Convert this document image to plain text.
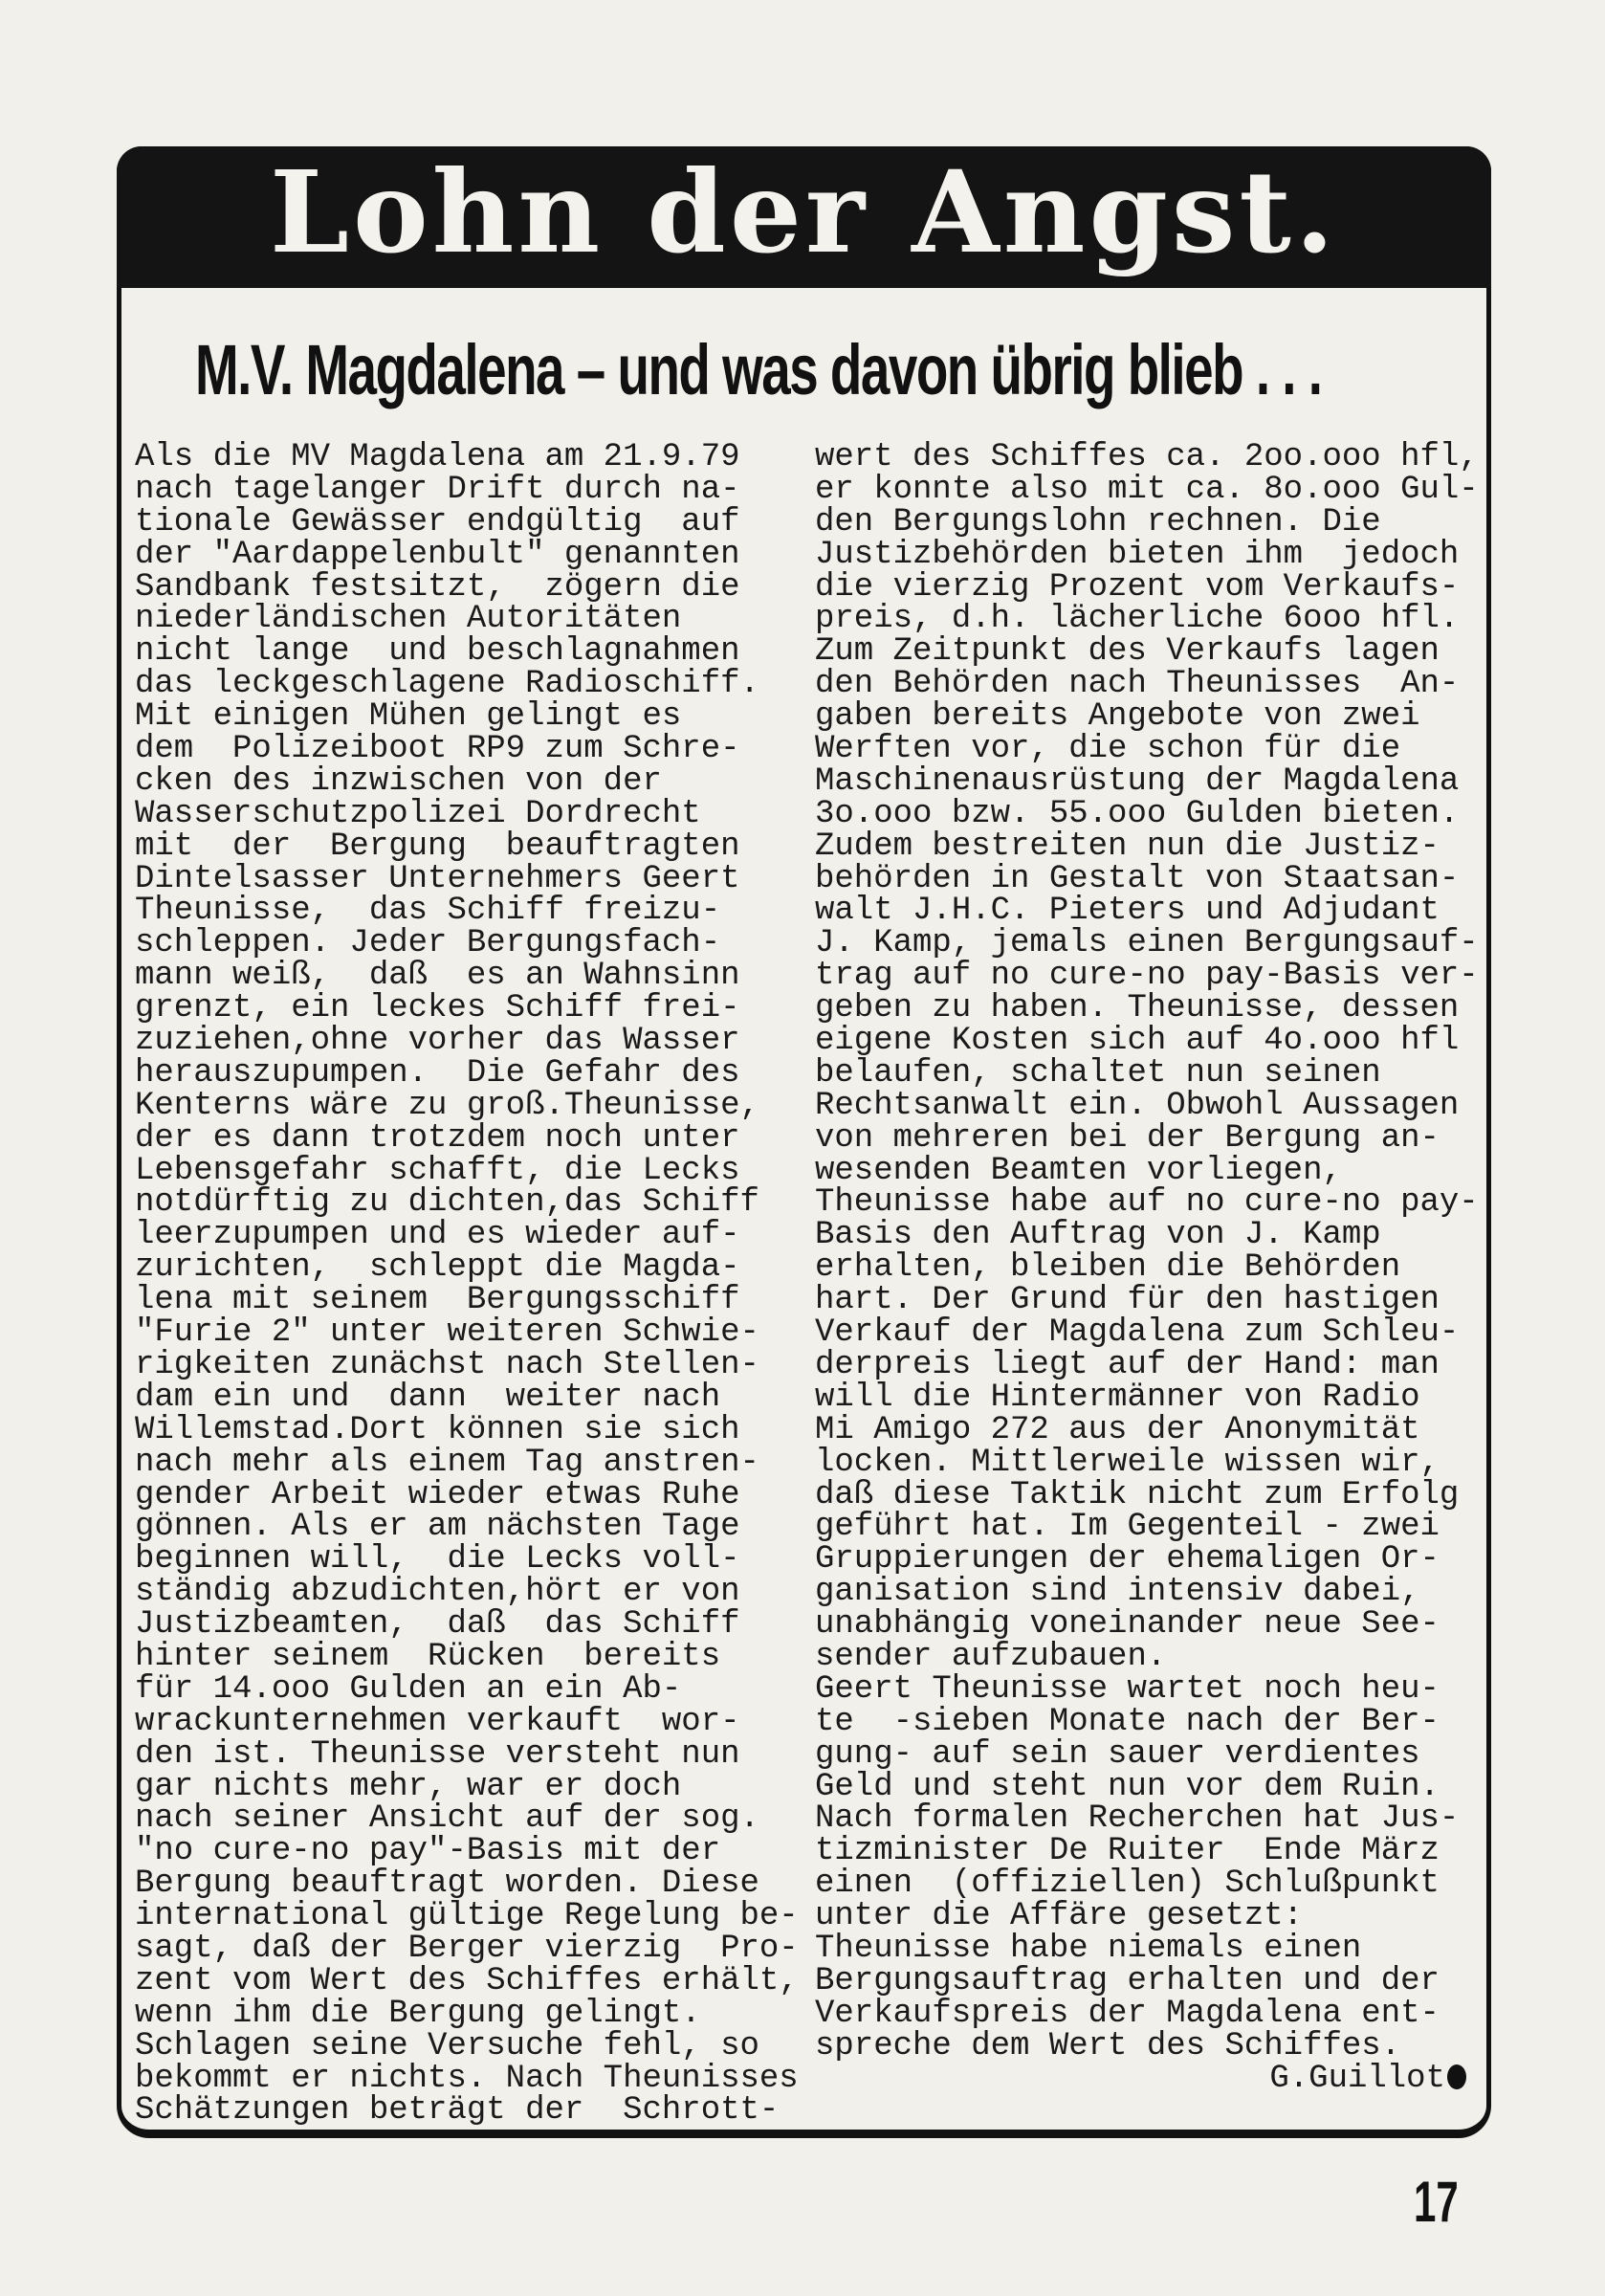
Lohn der Angst.
M.V. Magdalena – und was davon übrig blieb . . .
Als die MV Magdalena am 21.9.79
nach tagelanger Drift durch na-
tionale Gewässer endgültig  auf
der "Aardappelenbult" genannten
Sandbank festsitzt,  zögern die
niederländischen Autoritäten
nicht lange  und beschlagnahmen
das leckgeschlagene Radioschiff.
Mit einigen Mühen gelingt es
dem  Polizeiboot RP9 zum Schre-
cken des inzwischen von der
Wasserschutzpolizei Dordrecht
mit  der  Bergung  beauftragten
Dintelsasser Unternehmers Geert
Theunisse,  das Schiff freizu-
schleppen. Jeder Bergungsfach-
mann weiß,  daß  es an Wahnsinn
grenzt, ein leckes Schiff frei-
zuziehen,ohne vorher das Wasser
herauszupumpen.  Die Gefahr des
Kenterns wäre zu groß.Theunisse,
der es dann trotzdem noch unter
Lebensgefahr schafft, die Lecks
notdürftig zu dichten,das Schiff
leerzupumpen und es wieder auf-
zurichten,  schleppt die Magda-
lena mit seinem  Bergungsschiff
"Furie 2" unter weiteren Schwie-
rigkeiten zunächst nach Stellen-
dam ein und  dann  weiter nach
Willemstad.Dort können sie sich
nach mehr als einem Tag anstren-
gender Arbeit wieder etwas Ruhe
gönnen. Als er am nächsten Tage
beginnen will,  die Lecks voll-
ständig abzudichten,hört er von
Justizbeamten,  daß  das Schiff
hinter seinem  Rücken  bereits
für 14.ooo Gulden an ein Ab-
wrackunternehmen verkauft  wor-
den ist. Theunisse versteht nun
gar nichts mehr, war er doch
nach seiner Ansicht auf der sog.
"no cure-no pay"-Basis mit der
Bergung beauftragt worden. Diese
international gültige Regelung be-
sagt, daß der Berger vierzig  Pro-
zent vom Wert des Schiffes erhält,
wenn ihm die Bergung gelingt.
Schlagen seine Versuche fehl, so
bekommt er nichts. Nach Theunisses
Schätzungen beträgt der  Schrott-
wert des Schiffes ca. 2oo.ooo hfl,
er konnte also mit ca. 8o.ooo Gul-
den Bergungslohn rechnen. Die
Justizbehörden bieten ihm  jedoch
die vierzig Prozent vom Verkaufs-
preis, d.h. lächerliche 6ooo hfl.
Zum Zeitpunkt des Verkaufs lagen
den Behörden nach Theunisses  An-
gaben bereits Angebote von zwei
Werften vor, die schon für die
Maschinenausrüstung der Magdalena
3o.ooo bzw. 55.ooo Gulden bieten.
Zudem bestreiten nun die Justiz-
behörden in Gestalt von Staatsan-
walt J.H.C. Pieters und Adjudant
J. Kamp, jemals einen Bergungsauf-
trag auf no cure-no pay-Basis ver-
geben zu haben. Theunisse, dessen
eigene Kosten sich auf 4o.ooo hfl
belaufen, schaltet nun seinen
Rechtsanwalt ein. Obwohl Aussagen
von mehreren bei der Bergung an-
wesenden Beamten vorliegen,
Theunisse habe auf no cure-no pay-
Basis den Auftrag von J. Kamp
erhalten, bleiben die Behörden
hart. Der Grund für den hastigen
Verkauf der Magdalena zum Schleu-
derpreis liegt auf der Hand: man
will die Hintermänner von Radio
Mi Amigo 272 aus der Anonymität
locken. Mittlerweile wissen wir,
daß diese Taktik nicht zum Erfolg
geführt hat. Im Gegenteil - zwei
Gruppierungen der ehemaligen Or-
ganisation sind intensiv dabei,
unabhängig voneinander neue See-
sender aufzubauen.
Geert Theunisse wartet noch heu-
te  -sieben Monate nach der Ber-
gung- auf sein sauer verdientes
Geld und steht nun vor dem Ruin.
Nach formalen Recherchen hat Jus-
tizminister De Ruiter  Ende März
einen  (offiziellen) Schlußpunkt
unter die Affäre gesetzt:
Theunisse habe niemals einen
Bergungsauftrag erhalten und der
Verkaufspreis der Magdalena ent-
spreche dem Wert des Schiffes.
G.Guillot
17
